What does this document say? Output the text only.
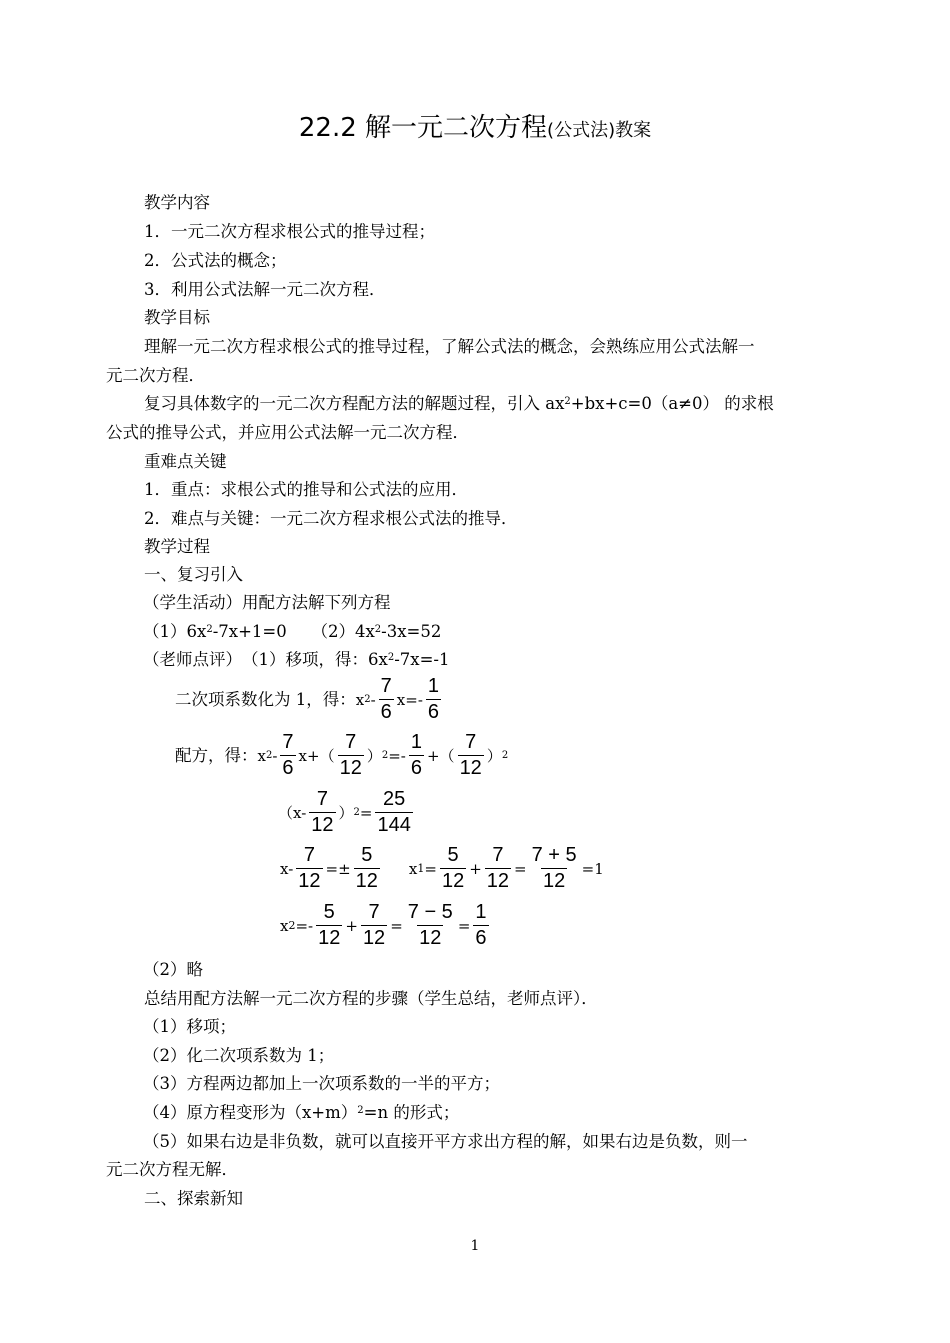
22.2 解一元二次方程(公式法)教案
教学内容
1．一元二次方程求根公式的推导过程；
2．公式法的概念；
3．利用公式法解一元二次方程．
教学目标
理解一元二次方程求根公式的推导过程，了解公式法的概念，会熟练应用公式法解一
元二次方程．
复习具体数字的一元二次方程配方法的解题过程，引入 $ax^2+bx+c=0(a\ne 0)$ 的求根
公式的推导公式，并应用公式法解一元二次方程．
重难点关键
1．重点：求根公式的推导和公式法的应用．
2．难点与关键：一元二次方程求根公式法的推导．
教学过程
一、复习引入
（学生活动）用配方法解下列方程
$(1)6x^2-7x+1=0$　　$(2)4x^2-3x=52$
（老师点评）　（1）移项，得：$6x^2-7x=-1$
二次项系数化为 1，得： x $2 - \frac{7}{6} x=- \frac{1}{6}$
配方，得： x $2 - \frac{7}{6} x+( \frac{7}{12}$ ） $2 =- \frac{1}{6}$ +（ $\frac{7}{12}$ ） 2
（$x- \frac{7}{12}$ ） $2 = \frac{25}{144}$
$x- \frac{7}{12} =\pm \frac{5}{12}$ x $1 = \frac{5}{12} + \frac{7}{12} = \frac{7 + 5}{12} =1$
x $2 =- \frac{5}{12} + \frac{7}{12} = \frac{7 - 5}{12} = \frac{1}{6}$
（2）略
总结用配方法解一元二次方程的步骤（学生总结，老师点评）．
（1）移项；
（2）化二次项系数为 1；
（3）方程两边都加上一次项系数的一半的平方；
（4）原方程变形为$(x+m)^2=n$ 的形式；
（5）如果右边是非负数，就可以直接开平方求出方程的解，如果右边是负数，则一
元二次方程无解．
二、探索新知
1
